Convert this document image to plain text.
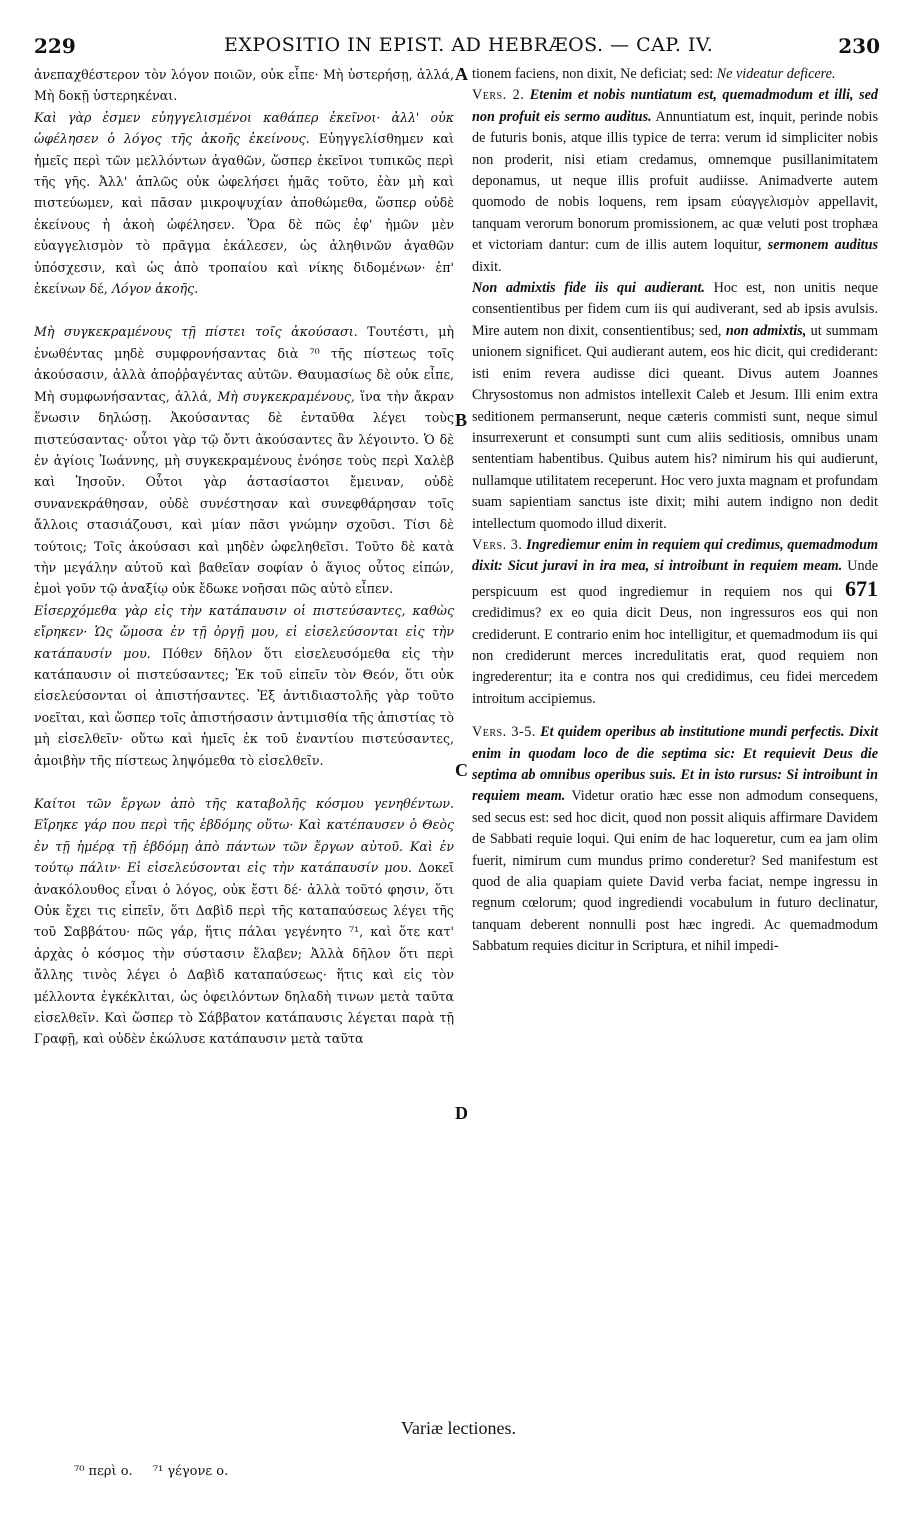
229	EXPOSITIO IN EPIST. AD HEBRÆOS. — CAP. IV.	230
A
B
C
D

ἀνεπαχθέστερον τὸν λόγον ποιῶν, οὐκ εἶπε· Μὴ ὑστερήσῃ, ἀλλά, Μὴ δοκῇ ὑστερηκέναι.

Καὶ γὰρ ἐσμεν εὐηγγελισμένοι καθάπερ ἐκεῖνοι· ἀλλ' οὐκ ὠφέλησεν ὁ λόγος τῆς ἀκοῆς ἐκείνους. Εὐηγγελίσθημεν καὶ ἡμεῖς περὶ τῶν μελλόντων ἀγαθῶν, ὥσπερ ἐκεῖνοι τυπικῶς περὶ τῆς γῆς. Ἀλλ' ἁπλῶς οὐκ ὠφελήσει ἡμᾶς τοῦτο, ἐὰν μὴ καὶ πιστεύωμεν, καὶ πᾶσαν μικροψυχίαν ἀποθώμεθα, ὥσπερ οὐδὲ ἐκείνους ἡ ἀκοὴ ὠφέλησεν. Ὅρα δὲ πῶς ἐφ' ἡμῶν μὲν εὐαγγελισμὸν τὸ πρᾶγμα ἐκάλεσεν, ὡς ἀληθινῶν ἀγαθῶν ὑπόσχεσιν, καὶ ὡς ἀπὸ τροπαίου καὶ νίκης διδομένων· ἐπ' ἐκείνων δέ, Λόγον ἀκοῆς.

Μὴ συγκεκραμένους τῇ πίστει τοῖς ἀκούσασι. Τουτέστι, μὴ ἑνωθέντας μηδὲ συμφρονήσαντας διὰ ⁷⁰ τῆς πίστεως τοῖς ἀκούσασιν, ἀλλὰ ἀποῤῥαγέντας αὐτῶν. Θαυμασίως δὲ οὐκ εἶπε, Μὴ συμφωνήσαντας, ἀλλά, Μὴ συγκεκραμένους, ἵνα τὴν ἄκραν ἕνωσιν δηλώσῃ. Ἀκούσαντας δὲ ἐνταῦθα λέγει τοὺς πιστεύσαντας· οὗτοι γὰρ τῷ ὄντι ἀκούσαντες ἂν λέγοιντο. Ὁ δὲ ἐν ἁγίοις Ἰωάννης, μὴ συγκεκραμένους ἐνόησε τοὺς περὶ Χαλὲβ καὶ Ἰησοῦν. Οὗτοι γὰρ ἀστασίαστοι ἔμειναν, οὐδὲ συνανεκράθησαν, οὐδὲ συνέστησαν καὶ συνεφθάρησαν τοῖς ἄλλοις στασιάζουσι, καὶ μίαν πᾶσι γνώμην σχοῦσι. Τίσι δὲ τούτοις; Τοῖς ἀκούσασι καὶ μηδὲν ὠφεληθεῖσι. Τοῦτο δὲ κατὰ τὴν μεγάλην αὐτοῦ καὶ βαθεῖαν σοφίαν ὁ ἅγιος οὗτος εἰπών, ἐμοὶ γοῦν τῷ ἀναξίῳ οὐκ ἔδωκε νοῆσαι πῶς αὐτὸ εἶπεν.

Εἰσερχόμεθα γὰρ εἰς τὴν κατάπαυσιν οἱ πιστεύσαντες, καθὼς εἴρηκεν· Ὡς ὤμοσα ἐν τῇ ὀργῇ μου, εἰ εἰσελεύσονται εἰς τὴν κατάπαυσίν μου. Πόθεν δῆλον ὅτι εἰσελευσόμεθα εἰς τὴν κατάπαυσιν οἱ πιστεύσαντες; Ἐκ τοῦ εἰπεῖν τὸν Θεόν, ὅτι οὐκ εἰσελεύσονται οἱ ἀπιστήσαντες. Ἐξ ἀντιδιαστολῆς γὰρ τοῦτο νοεῖται, καὶ ὥσπερ τοῖς ἀπιστήσασιν ἀντιμισθία τῆς ἀπιστίας τὸ μὴ εἰσελθεῖν· οὕτω καὶ ἡμεῖς ἐκ τοῦ ἐναντίου πιστεύσαντες, ἀμοιβὴν τῆς πίστεως ληψόμεθα τὸ εἰσελθεῖν.

Καίτοι τῶν ἔργων ἀπὸ τῆς καταβολῆς κόσμου γενηθέντων. Εἴρηκε γάρ που περὶ τῆς ἑβδόμης οὕτω· Καὶ κατέπαυσεν ὁ Θεὸς ἐν τῇ ἡμέρᾳ τῇ ἑβδόμῃ ἀπὸ πάντων τῶν ἔργων αὐτοῦ. Καὶ ἐν τούτῳ πάλιν· Εἰ εἰσελεύσονται εἰς τὴν κατάπαυσίν μου. Δοκεῖ ἀνακόλουθος εἶναι ὁ λόγος, οὐκ ἔστι δέ· ἀλλὰ τοῦτό φησιν, ὅτι Οὐκ ἔχει τις εἰπεῖν, ὅτι Δαβὶδ περὶ τῆς καταπαύσεως λέγει τῆς τοῦ Σαββάτου· πῶς γάρ, ἥτις πάλαι γεγένητο ⁷¹, καὶ ὅτε κατ' ἀρχὰς ὁ κόσμος τὴν σύστασιν ἔλαβεν; Ἀλλὰ δῆλον ὅτι περὶ ἄλλης τινὸς λέγει ὁ Δαβὶδ καταπαύσεως· ἥτις καὶ εἰς τὸν μέλλοντα ἐγκέκλιται, ὡς ὀφειλόντων δηλαδὴ τινων μετὰ ταῦτα εἰσελθεῖν. Καὶ ὥσπερ τὸ Σάββατον κατάπαυσις λέγεται παρὰ τῇ Γραφῇ, καὶ οὐδὲν ἐκώλυσε κατάπαυσιν μετὰ ταῦτα

tionem faciens, non dixit, Ne deficiat; sed: Ne videatur deficere.

Vers. 2. Etenim et nobis nuntiatum est, quemadmodum et illi, sed non profuit eis sermo auditus. Annuntiatum est, inquit, perinde nobis de futuris bonis, atque illis typice de terra: verum id simpliciter nobis non proderit, nisi etiam credamus, omnemque pusillanimitatem deponamus, ut neque illis profuit audiisse. Animadverte autem quomodo de nobis loquens, rem ipsam εὐαγγελισμὸν appellavit, tanquam verorum bonorum promissionem, ac quæ veluti post trophæa et victoriam dantur: cum de illis autem loquitur, sermonem auditus dixit.

Non admixtis fide iis qui audierant. Hoc est, non unitis neque consentientibus per fidem cum iis qui audiverant, sed ab ipsis avulsis. Mire autem non dixit, consentientibus; sed, non admixtis, ut summam unionem significet. Qui audierant autem, eos hic dicit, qui crediderant: isti enim revera audisse dici queant. Divus autem Joannes Chrysostomus non admistos intellexit Caleb et Jesum. Illi enim extra seditionem permanserunt, neque cæteris commisti sunt, neque simul insurrexerunt et consumpti sunt cum aliis seditiosis, omnibus unam sententiam habentibus. Quibus autem his? nimirum his qui audierunt, nullamque utilitatem receperunt. Hoc vero juxta magnam et profundam suam sapientiam sanctus iste dixit; mihi autem indigno non dedit intellectum quomodo illud dixerit.

Vers. 3. Ingrediemur enim in requiem qui credimus, quemadmodum dixit: Sicut juravi in ira mea, si introibunt in requiem meam. Unde perspicuum est quod ingrediemur in requiem nos qui 671 credidimus? ex eo quia dicit Deus, non ingressuros eos qui non crediderunt. E contrario enim hoc intelligitur, et quemadmodum iis qui non crediderunt merces incredulitatis erat, quod requiem non ingrederentur; ita e contra nos qui credidimus, ceu fidei mercedem introitum accipiemus.

Vers. 3-5. Et quidem operibus ab institutione mundi perfectis. Dixit enim in quodam loco de die septima sic: Et requievit Deus die septima ab omnibus operibus suis. Et in isto rursus: Si introibunt in requiem meam. Videtur oratio hæc esse non admodum consequens, sed secus est: sed hoc dicit, quod non possit aliquis affirmare Davidem de Sabbati requie loqui. Qui enim de hac loqueretur, cum ea jam olim fuerit, nimirum cum mundus primo conderetur? Sed manifestum est quod de alia quapiam quiete David verba faciat, nempe ingressu in regnum cœlorum; quod ingrediendi vocabulum in futuro declinatur, tanquam deberent nonnulli post hæc ingredi. Ac quemadmodum Sabbatum requies dicitur in Scriptura, et nihil impedi-

Variæ lectiones.
⁷⁰ περὶ ο. ⁷¹ γέγονε ο.
